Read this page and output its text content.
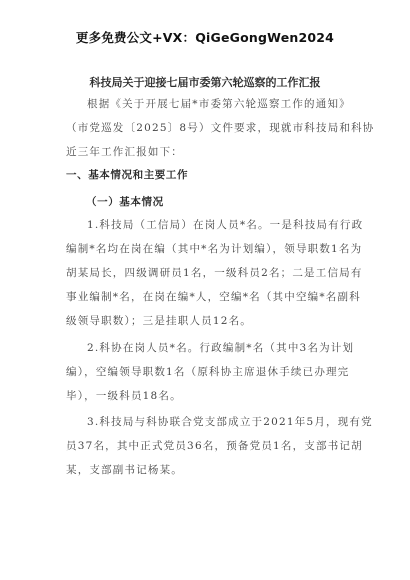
更多免费公文+VX：QiGeGongWen2024
科技局关于迎接七届市委第六轮巡察的工作汇报
根据《关于开展七届*市委第六轮巡察工作的通知》
（市党巡发〔2025〕8号）文件要求，现就市科技局和科协
近三年工作汇报如下：
一、基本情况和主要工作
（一）基本情况
1.科技局（工信局）在岗人员*名。一是科技局有行政
编制*名均在岗在编（其中*名为计划编），领导职数1名为
胡某局长，四级调研员1名，一级科员2名；二是工信局有
事业编制*名，在岗在编*人，空编*名（其中空编*名副科
级领导职数）；三是挂职人员12名。
2.科协在岗人员*名。行政编制*名（其中3名为计划
编），空编领导职数1名（原科协主席退休手续已办理完
毕），一级科员18名。
3.科技局与科协联合党支部成立于2021年5月，现有党
员37名，其中正式党员36名，预备党员1名，支部书记胡
某，支部副书记杨某。
